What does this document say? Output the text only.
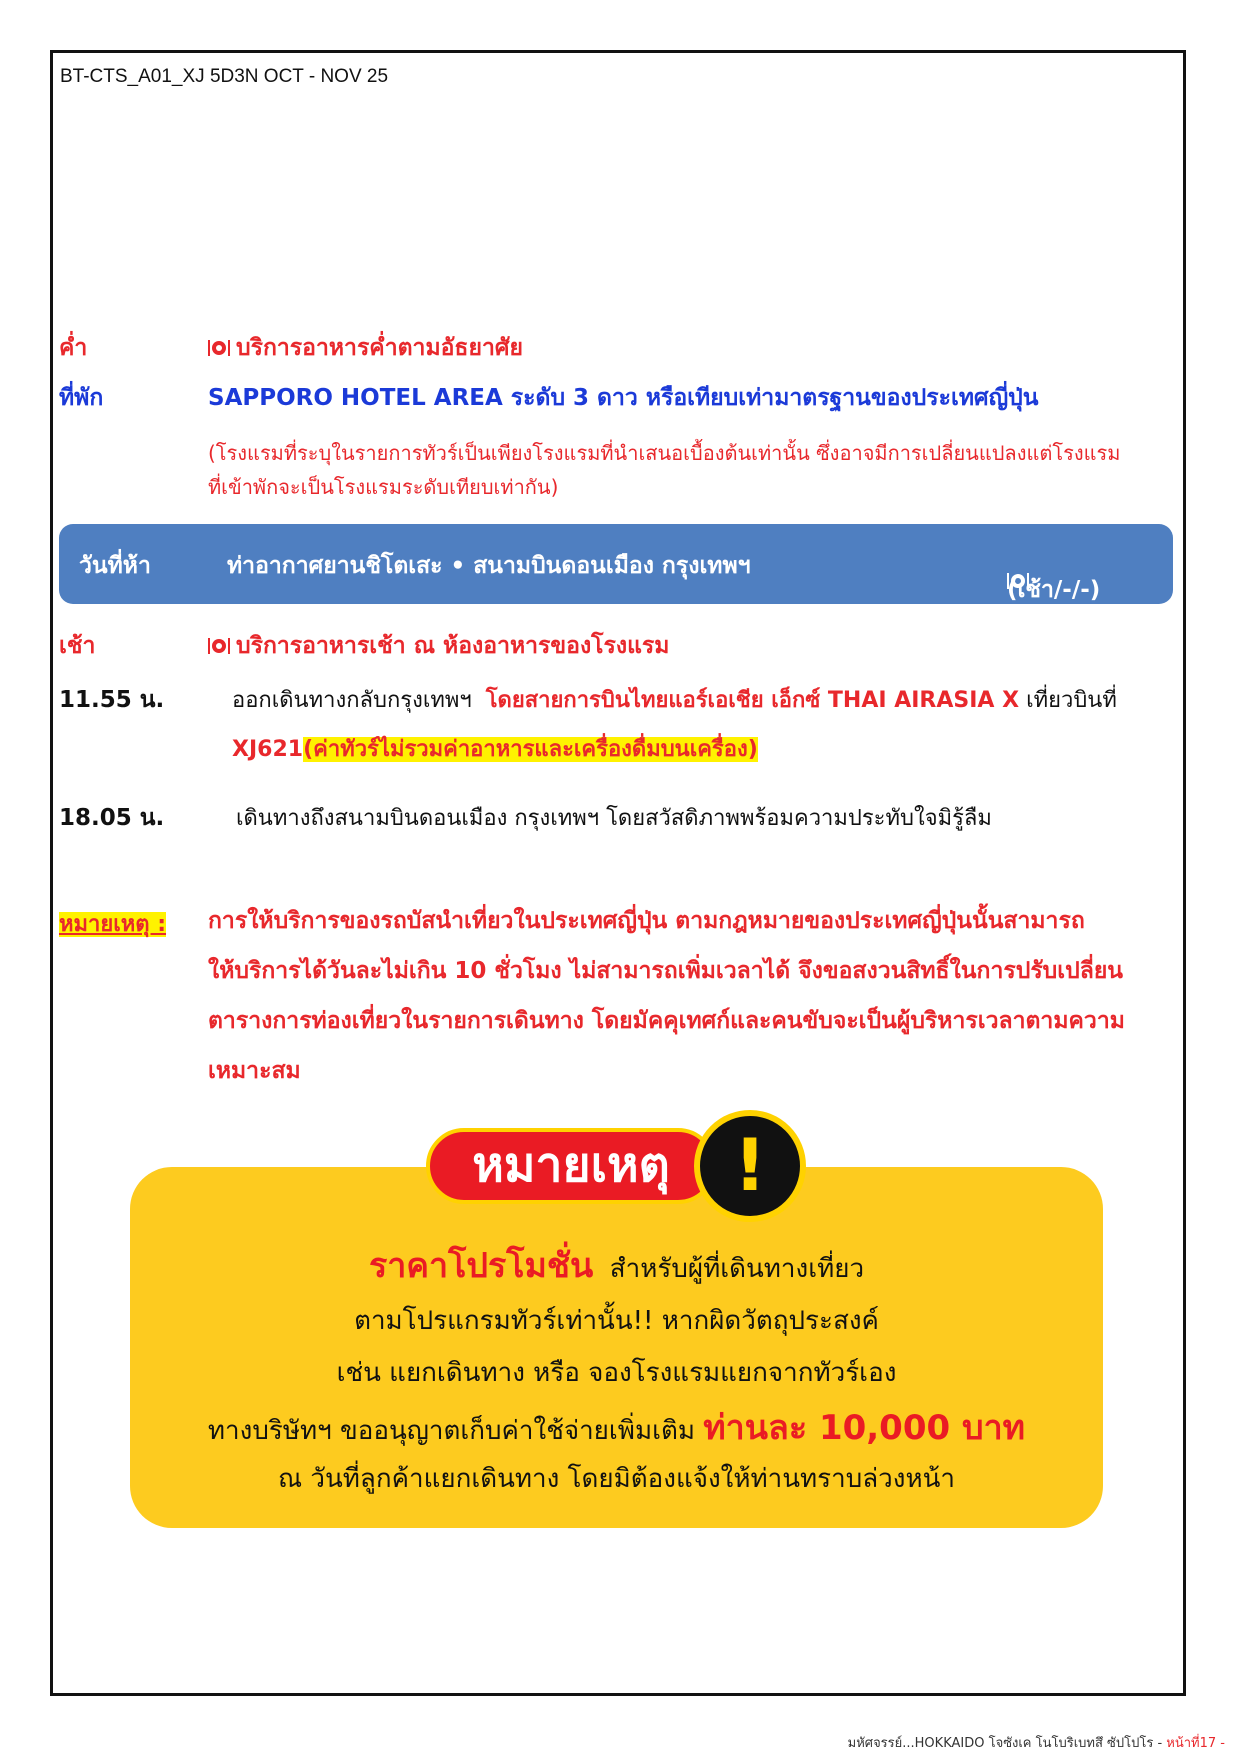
BT-CTS_A01_XJ 5D3N OCT - NOV 25
ค่ำ	บริการอาหารค่ำตามอัธยาศัย
ที่พัก	SAPPORO HOTEL AREA ระดับ 3 ดาว หรือเทียบเท่ามาตรฐานของประเทศญี่ปุ่น
(โรงแรมที่ระบุในรายการทัวร์เป็นเพียงโรงแรมที่นำเสนอเบื้องต้นเท่านั้น ซึ่งอาจมีการเปลี่ยนแปลงแต่โรงแรม
ที่เข้าพักจะเป็นโรงแรมระดับเทียบเท่ากัน)
วันที่ห้า	ท่าอากาศยานชิโตเสะ • สนามบินดอนเมือง กรุงเทพฯ
(เช้า/-/-)
เช้า	บริการอาหารเช้า ณ ห้องอาหารของโรงแรม
11.55 น.	ออกเดินทางกลับกรุงเทพฯ โดยสายการบินไทยแอร์เอเชีย เอ็กซ์ THAI AIRASIA X เที่ยวบินที่
XJ621(ค่าทัวร์ไม่รวมค่าอาหารและเครื่องดื่มบนเครื่อง)
18.05 น.	เดินทางถึงสนามบินดอนเมือง กรุงเทพฯ โดยสวัสดิภาพพร้อมความประทับใจมิรู้ลืม
หมายเหตุ : การให้บริการของรถบัสนำเที่ยวในประเทศญี่ปุ่น ตามกฎหมายของประเทศญี่ปุ่นนั้นสามารถ
ให้บริการได้วันละไม่เกิน 10 ชั่วโมง ไม่สามารถเพิ่มเวลาได้ จึงขอสงวนสิทธิ์ในการปรับเปลี่ยน
ตารางการท่องเที่ยวในรายการเดินทาง โดยมัคคุเทศก์และคนขับจะเป็นผู้บริหารเวลาตามความ
เหมาะสม
หมายเหตุ !
ราคาโปรโมชั่น สำหรับผู้ที่เดินทางเที่ยว
ตามโปรแกรมทัวร์เท่านั้น!! หากผิดวัตถุประสงค์
เช่น แยกเดินทาง หรือ จองโรงแรมแยกจากทัวร์เอง
ทางบริษัทฯ ขออนุญาตเก็บค่าใช้จ่ายเพิ่มเติม ท่านละ 10,000 บาท
ณ วันที่ลูกค้าแยกเดินทาง โดยมิต้องแจ้งให้ท่านทราบล่วงหน้า
มหัศจรรย์...HOKKAIDO โจซังเค โนโบริเบทสึ ซัปโปโร - หน้าที่17 -
